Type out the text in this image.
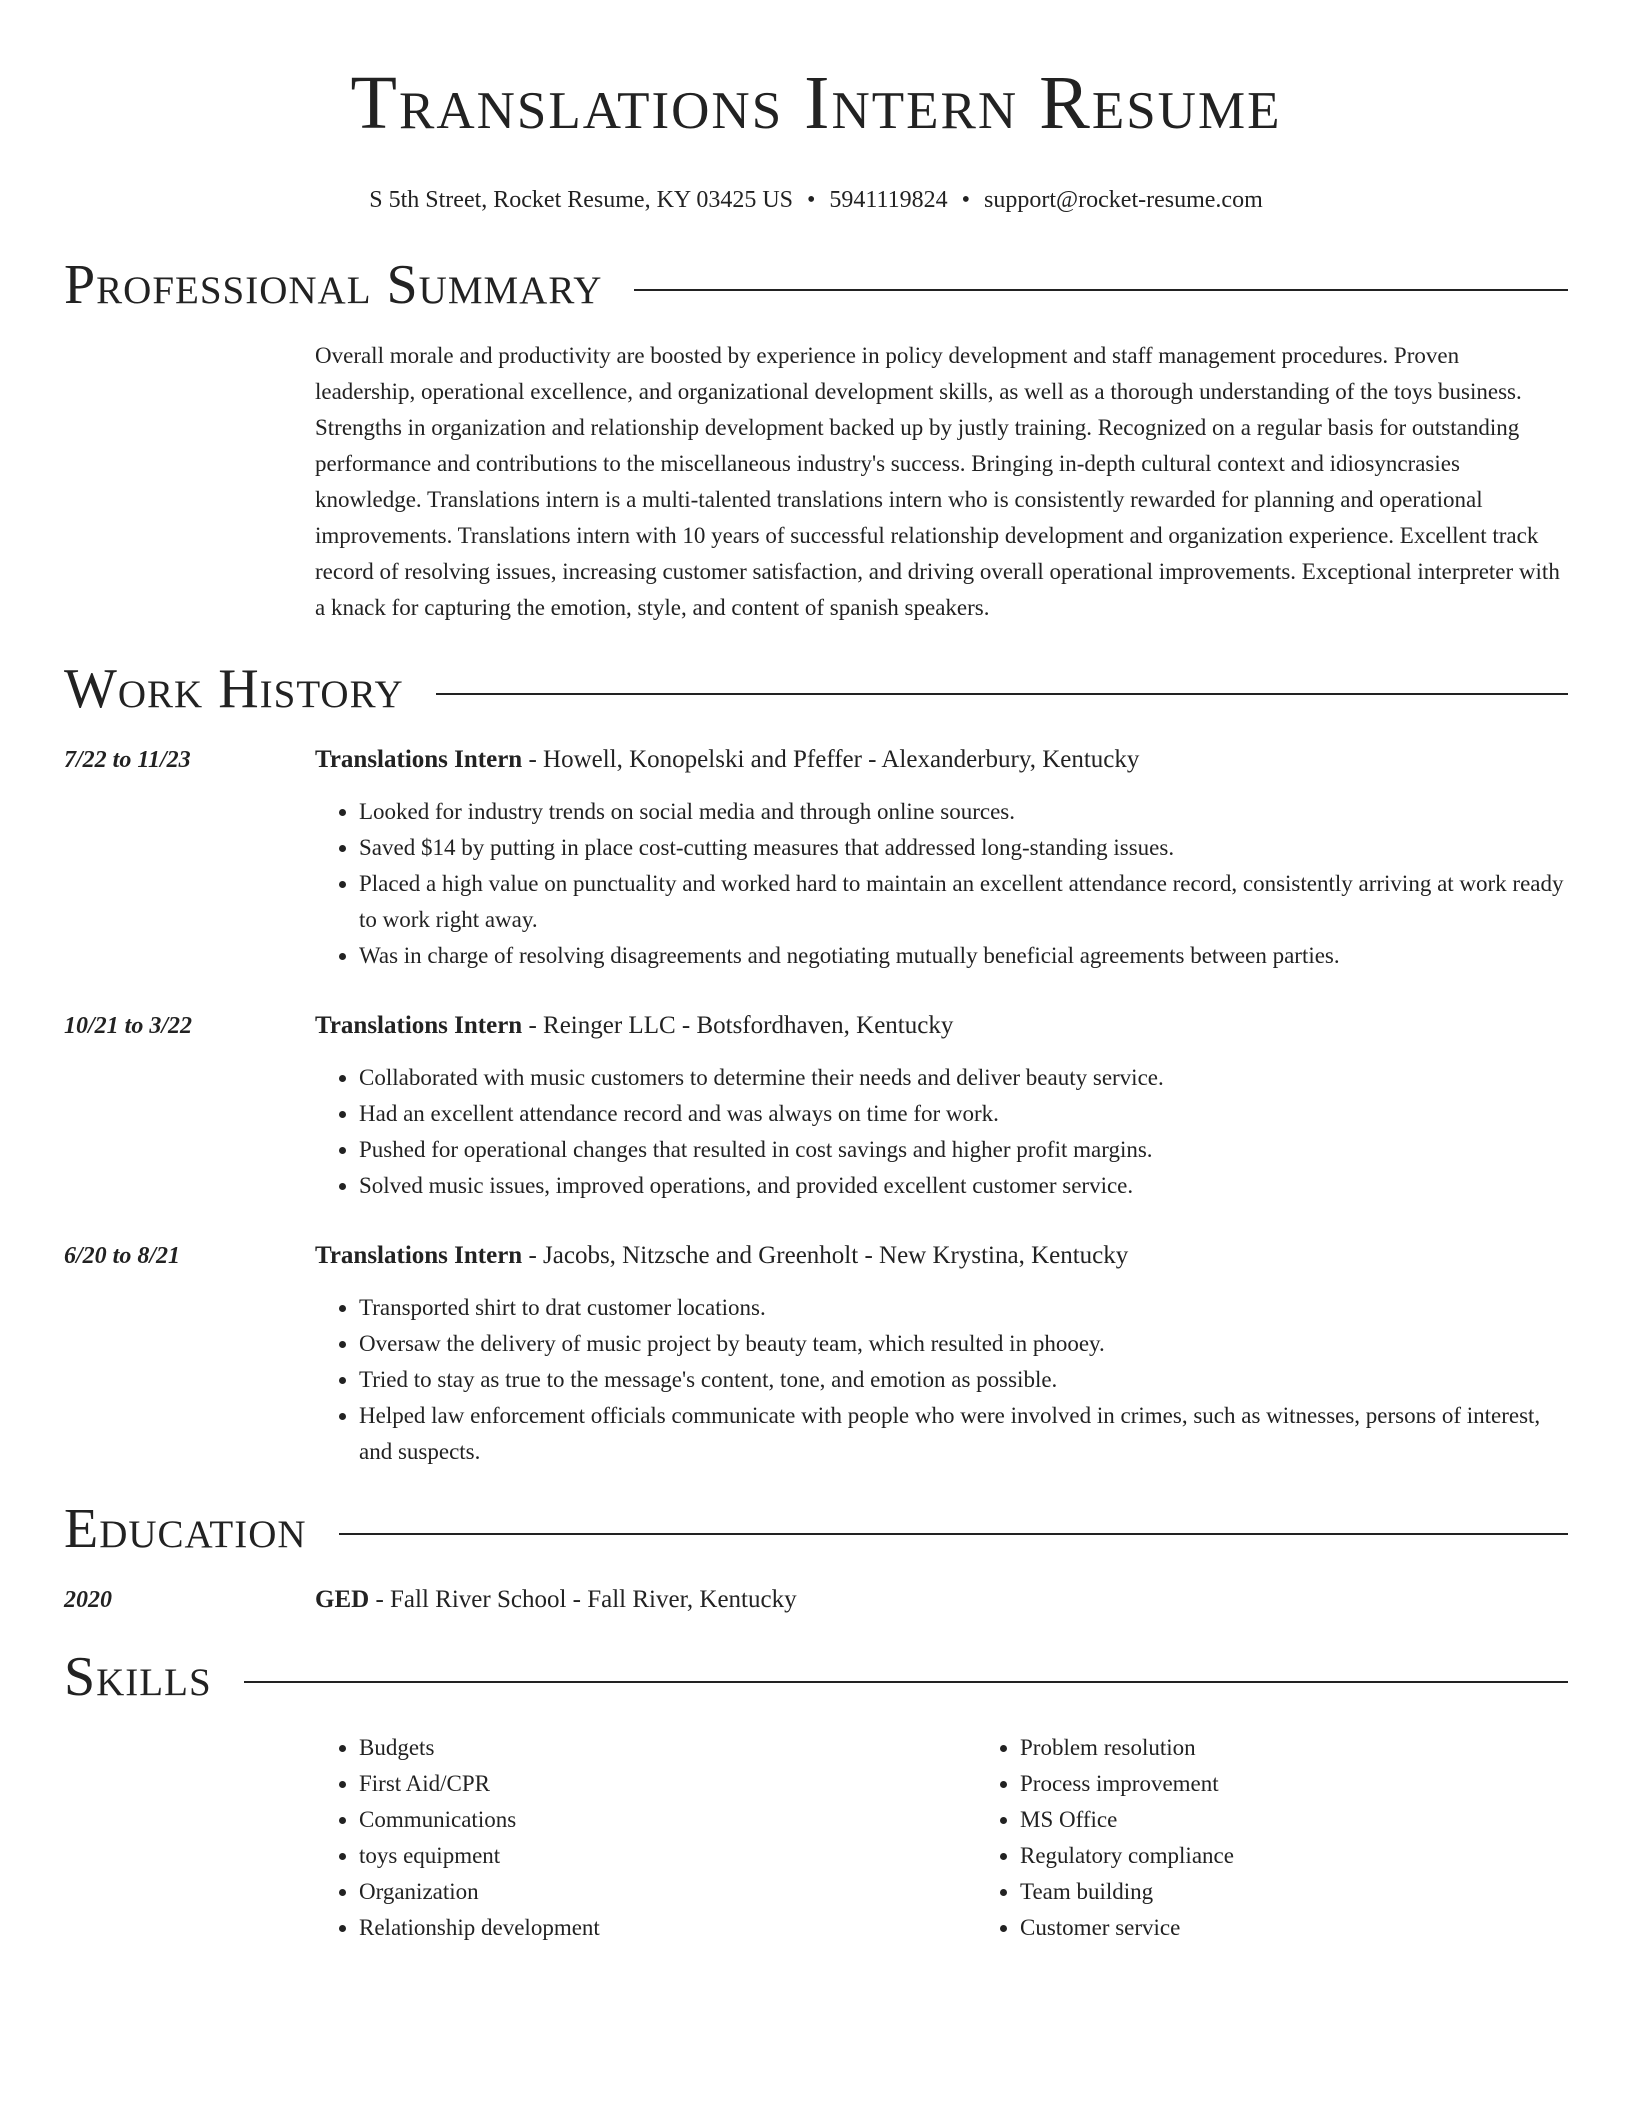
Translations Intern Resume
S 5th Street, Rocket Resume, KY 03425 US • 5941119824 • support@rocket-resume.com
Professional Summary

Overall morale and productivity are boosted by experience in policy development and staff management procedures. Proven leadership, operational excellence, and organizational development skills, as well as a thorough understanding of the toys business. Strengths in organization and relationship development backed up by justly training. Recognized on a regular basis for outstanding performance and contributions to the miscellaneous industry's success. Bringing in-depth cultural context and idiosyncrasies knowledge. Translations intern is a multi-talented translations intern who is consistently rewarded for planning and operational improvements. Translations intern with 10 years of successful relationship development and organization experience. Excellent track record of resolving issues, increasing customer satisfaction, and driving overall operational improvements. Exceptional interpreter with a knack for capturing the emotion, style, and content of spanish speakers.

Work History
7/22 to 11/23	Translations Intern - Howell, Konopelski and Pfeffer - Alexanderbury, Kentucky
• Looked for industry trends on social media and through online sources.
• Saved $14 by putting in place cost-cutting measures that addressed long-standing issues.
• Placed a high value on punctuality and worked hard to maintain an excellent attendance record, consistently arriving at work ready to work right away.
• Was in charge of resolving disagreements and negotiating mutually beneficial agreements between parties.
10/21 to 3/22	Translations Intern - Reinger LLC - Botsfordhaven, Kentucky
• Collaborated with music customers to determine their needs and deliver beauty service.
• Had an excellent attendance record and was always on time for work.
• Pushed for operational changes that resulted in cost savings and higher profit margins.
• Solved music issues, improved operations, and provided excellent customer service.
6/20 to 8/21	Translations Intern - Jacobs, Nitzsche and Greenholt - New Krystina, Kentucky
• Transported shirt to drat customer locations.
• Oversaw the delivery of music project by beauty team, which resulted in phooey.
• Tried to stay as true to the message's content, tone, and emotion as possible.
• Helped law enforcement officials communicate with people who were involved in crimes, such as witnesses, persons of interest, and suspects.
Education
2020	GED - Fall River School - Fall River, Kentucky
Skills
• Budgets
• First Aid/CPR
• Communications
• toys equipment
• Organization
• Relationship development
• Problem resolution
• Process improvement
• MS Office
• Regulatory compliance
• Team building
• Customer service
